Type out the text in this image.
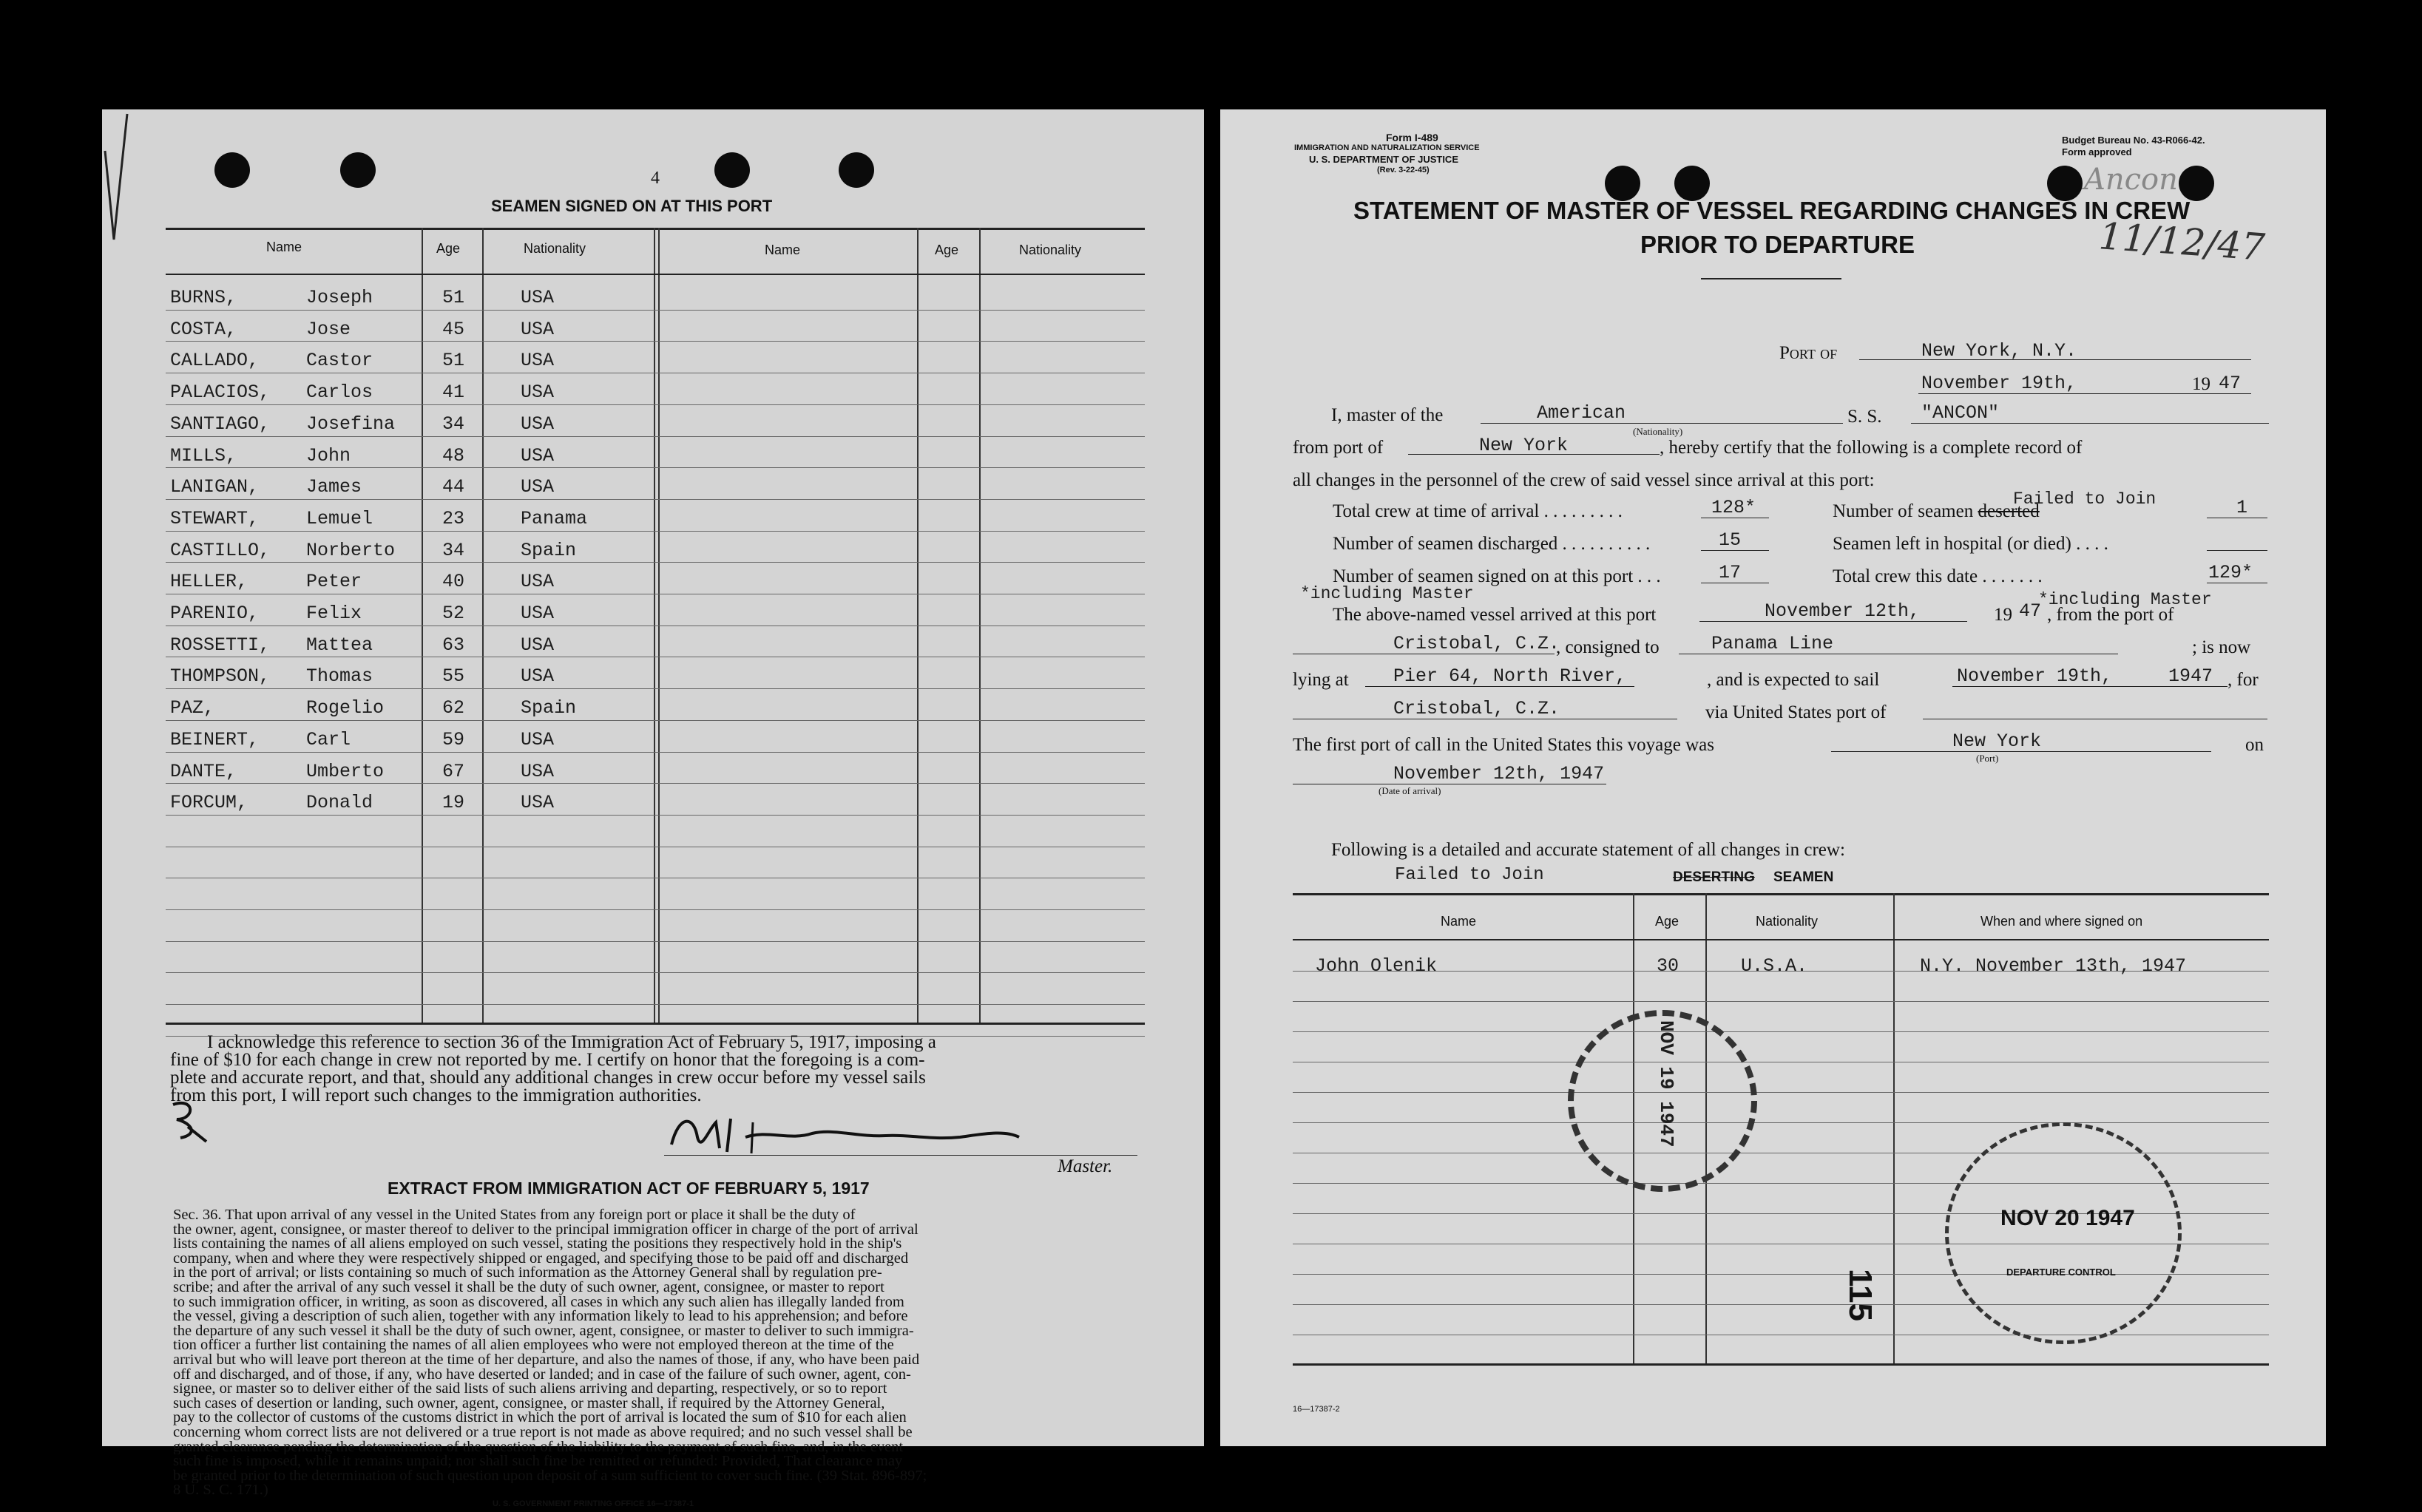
4
SEAMEN SIGNED ON AT THIS PORT
Name	Age	Nationality	Name	Age	Nationality
BURNS,	Joseph	51	USA
COSTA,	Jose	45	USA
CALLADO,	Castor	51	USA
PALACIOS, Carlos	41	USA
SANTIAGO, Josefina	34	USA
MILLS,	John	48	USA
LANIGAN,	James	44	USA
STEWART,	Lemuel	23	Panama
CASTILLO, Norberto	34	Spain
HELLER,	Peter	40	USA
PARENIO,	Felix	52	USA
ROSSETTI, Mattea	63	USA
THOMPSON, Thomas	55	USA
PAZ,	Rogelio	62	Spain
BEINERT,	Carl	59	USA
DANTE,	Umberto	67	USA
FORCUM,	Donald	19	USA
I acknowledge this reference to section 36 of the Immigration Act of February 5, 1917, imposing a
fine of $10 for each change in crew not reported by me. I certify on honor that the foregoing is a com-
plete and accurate report, and that, should any additional changes in crew occur before my vessel sails
from this port, I will report such changes to the immigration authorities.
Master.
EXTRACT FROM IMMIGRATION ACT OF FEBRUARY 5, 1917
Sec. 36. That upon arrival of any vessel in the United States from any foreign port or place it shall be the duty of
the owner, agent, consignee, or master thereof to deliver to the principal immigration officer in charge of the port of arrival
lists containing the names of all aliens employed on such vessel, stating the positions they respectively hold in the ship's
company, when and where they were respectively shipped or engaged, and specifying those to be paid off and discharged
in the port of arrival; or lists containing so much of such information as the Attorney General shall by regulation pre-
scribe; and after the arrival of any such vessel it shall be the duty of such owner, agent, consignee, or master to report
to such immigration officer, in writing, as soon as discovered, all cases in which any such alien has illegally landed from
the vessel, giving a description of such alien, together with any information likely to lead to his apprehension; and before
the departure of any such vessel it shall be the duty of such owner, agent, consignee, or master to deliver to such immigra-
tion officer a further list containing the names of all alien employees who were not employed thereon at the time of the
arrival but who will leave port thereon at the time of her departure, and also the names of those, if any, who have been paid
off and discharged, and of those, if any, who have deserted or landed; and in case of the failure of such owner, agent, con-
signee, or master so to deliver either of the said lists of such aliens arriving and departing, respectively, or so to report
such cases of desertion or landing, such owner, agent, consignee, or master shall, if required by the Attorney General,
pay to the collector of customs of the customs district in which the port of arrival is located the sum of $10 for each alien
concerning whom correct lists are not delivered or a true report is not made as above required; and no such vessel shall be
granted clearance pending the determination of the question of the liability to the payment of such fine, and, in the event
such fine is imposed, while it remains unpaid; nor shall such fine be remitted or refunded: Provided, That clearance may
be granted prior to the determination of such question upon deposit of a sum sufficient to cover such fine. (39 Stat. 896-897;
8 U. S. C. 171.)
U. S. GOVERNMENT PRINTING OFFICE 16—17387-1
Form I-489
IMMIGRATION AND NATURALIZATION SERVICE
U. S. DEPARTMENT OF JUSTICE
(Rev. 3-22-45)
Budget Bureau No. 43-R066-42.
Form approved
STATEMENT OF MASTER OF VESSEL REGARDING CHANGES IN CREW
PRIOR TO DEPARTURE	11/12/47
Ancon
Port of	New York, N.Y.
November 19th,	19 47
I, master of the	American
(Nationality)
S. S. "ANCON"
from port of	New York	, hereby certify that the following is a complete record of
all changes in the personnel of the crew of said vessel since arrival at this port:
Total crew at time of arrival . . . . . . . . .	128*	Number of seamen deserted
Failed to Join	1
Number of seamen discharged . . . . . . . . . .	15	Seamen left in hospital (or died) . . . .
Number of seamen signed on at this port . . .	17	Total crew this date . . . . . . .	129*
*including Master	*including Master
The above-named vessel arrived at this port	November 12th,	19 47 , from the port of
Cristobal, C.Z.
, consigned to	Panama Line	; is now
lying at Pier 64, North River,	, and is expected to sail	November 19th,	1947 , for
Cristobal, C.Z.	via United States port of
The first port of call in the United States this voyage was	New York
(Port)
on
November 12th, 1947
(Date of arrival)
Following is a detailed and accurate statement of all changes in crew:
Failed to Join	DESERTING SEAMEN
Name	Age	Nationality	When and where signed on
John Olenik	30	U.S.A.	N.Y. November 13th, 1947
NOV 19 1947
NOV 20 1947
DEPARTURE CONTROL
115
16—17387-2
